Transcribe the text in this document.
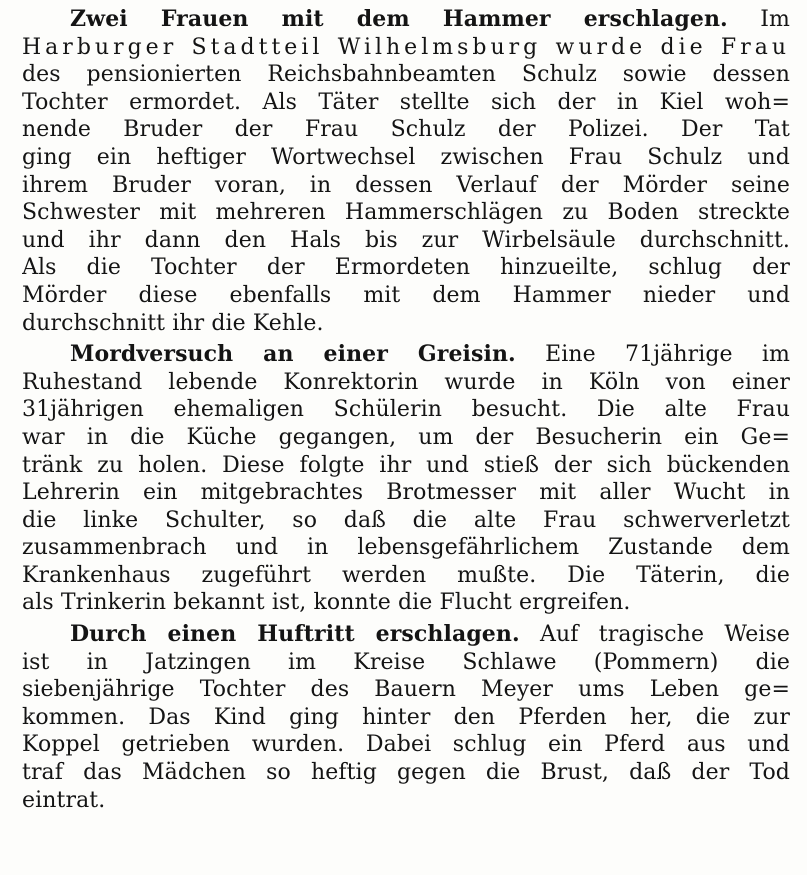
Zwei Frauen mit dem Hammer erschlagen. Im
Harburger Stadtteil Wilhelmsburg wurde die Frau
des pensionierten Reichsbahnbeamten Schulz sowie dessen
Tochter ermordet. Als Täter stellte sich der in Kiel woh=
nende Bruder der Frau Schulz der Polizei. Der Tat
ging ein heftiger Wortwechsel zwischen Frau Schulz und
ihrem Bruder voran, in dessen Verlauf der Mörder seine
Schwester mit mehreren Hammerschlägen zu Boden streckte
und ihr dann den Hals bis zur Wirbelsäule durchschnitt.
Als die Tochter der Ermordeten hinzueilte, schlug der
Mörder diese ebenfalls mit dem Hammer nieder und
durchschnitt ihr die Kehle.
Mordversuch an einer Greisin. Eine 71jährige im
Ruhestand lebende Konrektorin wurde in Köln von einer
31jährigen ehemaligen Schülerin besucht. Die alte Frau
war in die Küche gegangen, um der Besucherin ein Ge=
tränk zu holen. Diese folgte ihr und stieß der sich bückenden
Lehrerin ein mitgebrachtes Brotmesser mit aller Wucht in
die linke Schulter, so daß die alte Frau schwerverletzt
zusammenbrach und in lebensgefährlichem Zustande dem
Krankenhaus zugeführt werden mußte. Die Täterin, die
als Trinkerin bekannt ist, konnte die Flucht ergreifen.
Durch einen Huftritt erschlagen. Auf tragische Weise
ist in Jatzingen im Kreise Schlawe (Pommern) die
siebenjährige Tochter des Bauern Meyer ums Leben ge=
kommen. Das Kind ging hinter den Pferden her, die zur
Koppel getrieben wurden. Dabei schlug ein Pferd aus und
traf das Mädchen so heftig gegen die Brust, daß der Tod
eintrat.
